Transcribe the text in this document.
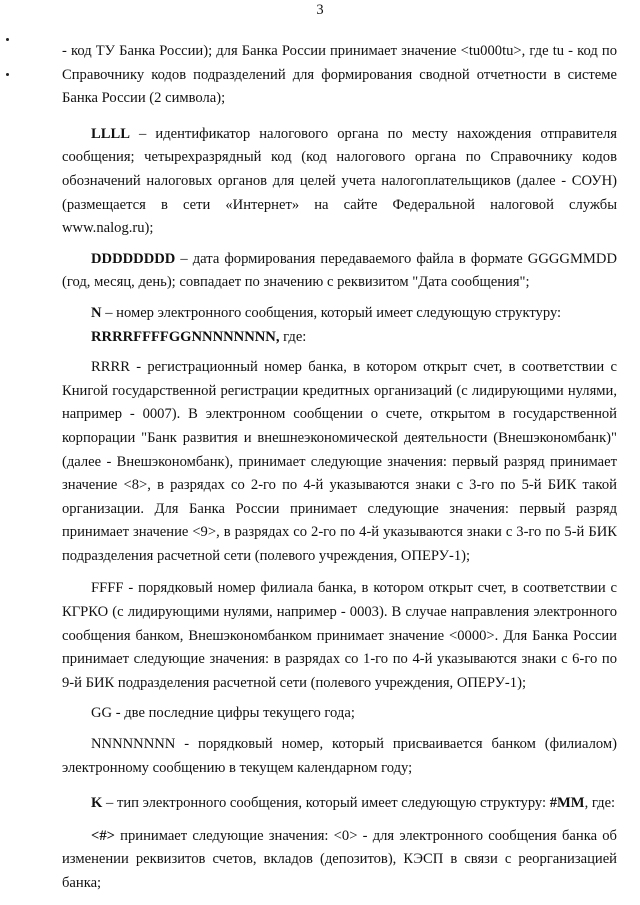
3

- код ТУ Банка России); для Банка России принимает значение <tu000tu>, где tu - код по Справочнику кодов подразделений для формирования сводной отчетности в системе Банка России (2 символа);

LLLL – идентификатор налогового органа по месту нахождения отправителя сообщения; четырехразрядный код (код налогового органа по Справочнику кодов обозначений налоговых органов для целей учета налогоплательщиков (далее - СОУН) (размещается в сети «Интернет» на сайте Федеральной налоговой службы www.nalog.ru);

DDDDDDDD – дата формирования передаваемого файла в формате GGGGMMDD (год, месяц, день); совпадает по значению с реквизитом "Дата сообщения";

N – номер электронного сообщения, который имеет следующую структуру:

RRRRFFFFGGNNNNNNNN, где:

RRRR - регистрационный номер банка, в котором открыт счет, в соответствии с Книгой государственной регистрации кредитных организаций (с лидирующими нулями, например - 0007). В электронном сообщении о счете, открытом в государственной корпорации "Банк развития и внешнеэкономической деятельности (Внешэкономбанк)" (далее - Внешэкономбанк), принимает следующие значения: первый разряд принимает значение <8>, в разрядах со 2-го по 4-й указываются знаки с 3-го по 5-й БИК такой организации. Для Банка России принимает следующие значения: первый разряд принимает значение <9>, в разрядах со 2-го по 4-й указываются знаки с 3-го по 5-й БИК подразделения расчетной сети (полевого учреждения, ОПЕРУ-1);

FFFF - порядковый номер филиала банка, в котором открыт счет, в соответствии с КГРКО (с лидирующими нулями, например - 0003). В случае направления электронного сообщения банком, Внешэкономбанком принимает значение <0000>. Для Банка России принимает следующие значения: в разрядах со 1-го по 4-й указываются знаки с 6-го по 9-й БИК подразделения расчетной сети (полевого учреждения, ОПЕРУ-1);

GG - две последние цифры текущего года;

NNNNNNNN - порядковый номер, который присваивается банком (филиалом) электронному сообщению в текущем календарном году;

K – тип электронного сообщения, который имеет следующую структуру: #MM, где:

<#> принимает следующие значения: <0> - для электронного сообщения банка об изменении реквизитов счетов, вкладов (депозитов), КЭСП в связи с реорганизацией банка;
